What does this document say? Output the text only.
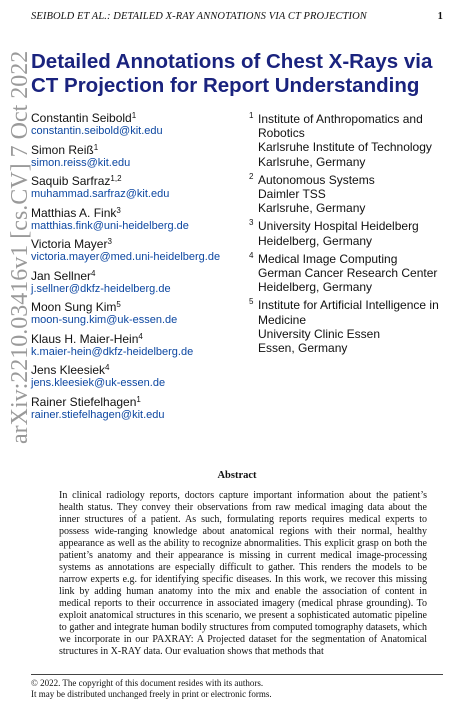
SEIBOLD ET AL.: DETAILED X-RAY ANNOTATIONS VIA CT PROJECTION	1
arXiv:2210.03416v1 [cs.CV] 7 Oct 2022
Detailed Annotations of Chest X-Rays via CT Projection for Report Understanding
Constantin Seibold$^1$
constantin.seibold@kit.edu
Simon Reiß$^1$
simon.reiss@kit.edu
Saquib Sarfraz$^{1,2}$
muhammad.sarfraz@kit.edu
Matthias A. Fink$^3$
matthias.fink@uni-heidelberg.de
Victoria Mayer$^3$
victoria.mayer@med.uni-heidelberg.de
Jan Sellner$^4$
j.sellner@dkfz-heidelberg.de
Moon Sung Kim$^5$
moon-sung.kim@uk-essen.de
Klaus H. Maier-Hein$^4$
k.maier-hein@dkfz-heidelberg.de
Jens Kleesiek$^4$
jens.kleesiek@uk-essen.de
Rainer Stiefelhagen$^1$
rainer.stiefelhagen@kit.edu
1 Institute of Anthropomatics and
Robotics
Karlsruhe Institute of Technology
Karlsruhe, Germany
2 Autonomous Systems
Daimler TSS
Karlsruhe, Germany
3 University Hospital Heidelberg
Heidelberg, Germany
4 Medical Image Computing
German Cancer Research Center
Heidelberg, Germany
5 Institute for Artificial Intelligence in
Medicine
University Clinic Essen
Essen, Germany
Abstract
In clinical radiology reports, doctors capture important information about the patient’s health status. They convey their observations from raw medical imaging data about the inner structures of a patient. As such, formulating reports requires medical experts to possess wide-ranging knowledge about anatomical regions with their normal, healthy appearance as well as the ability to recognize abnormalities. This explicit grasp on both the patient’s anatomy and their appearance is missing in current medical image-processing systems as annotations are especially difficult to gather. This renders the models to be narrow experts e.g. for identifying specific diseases. In this work, we recover this missing link by adding human anatomy into the mix and enable the association of content in medical reports to their occurrence in associated imagery (medical phrase grounding). To exploit anatomical structures in this scenario, we present a sophisticated automatic pipeline to gather and integrate human bodily structures from computed tomography datasets, which we incorporate in our PAXRAY: A Projected dataset for the segmentation of Anatomical structures in X-RAY data. Our evaluation shows that methods that
© 2022. The copyright of this document resides with its authors.
It may be distributed unchanged freely in print or electronic forms.
